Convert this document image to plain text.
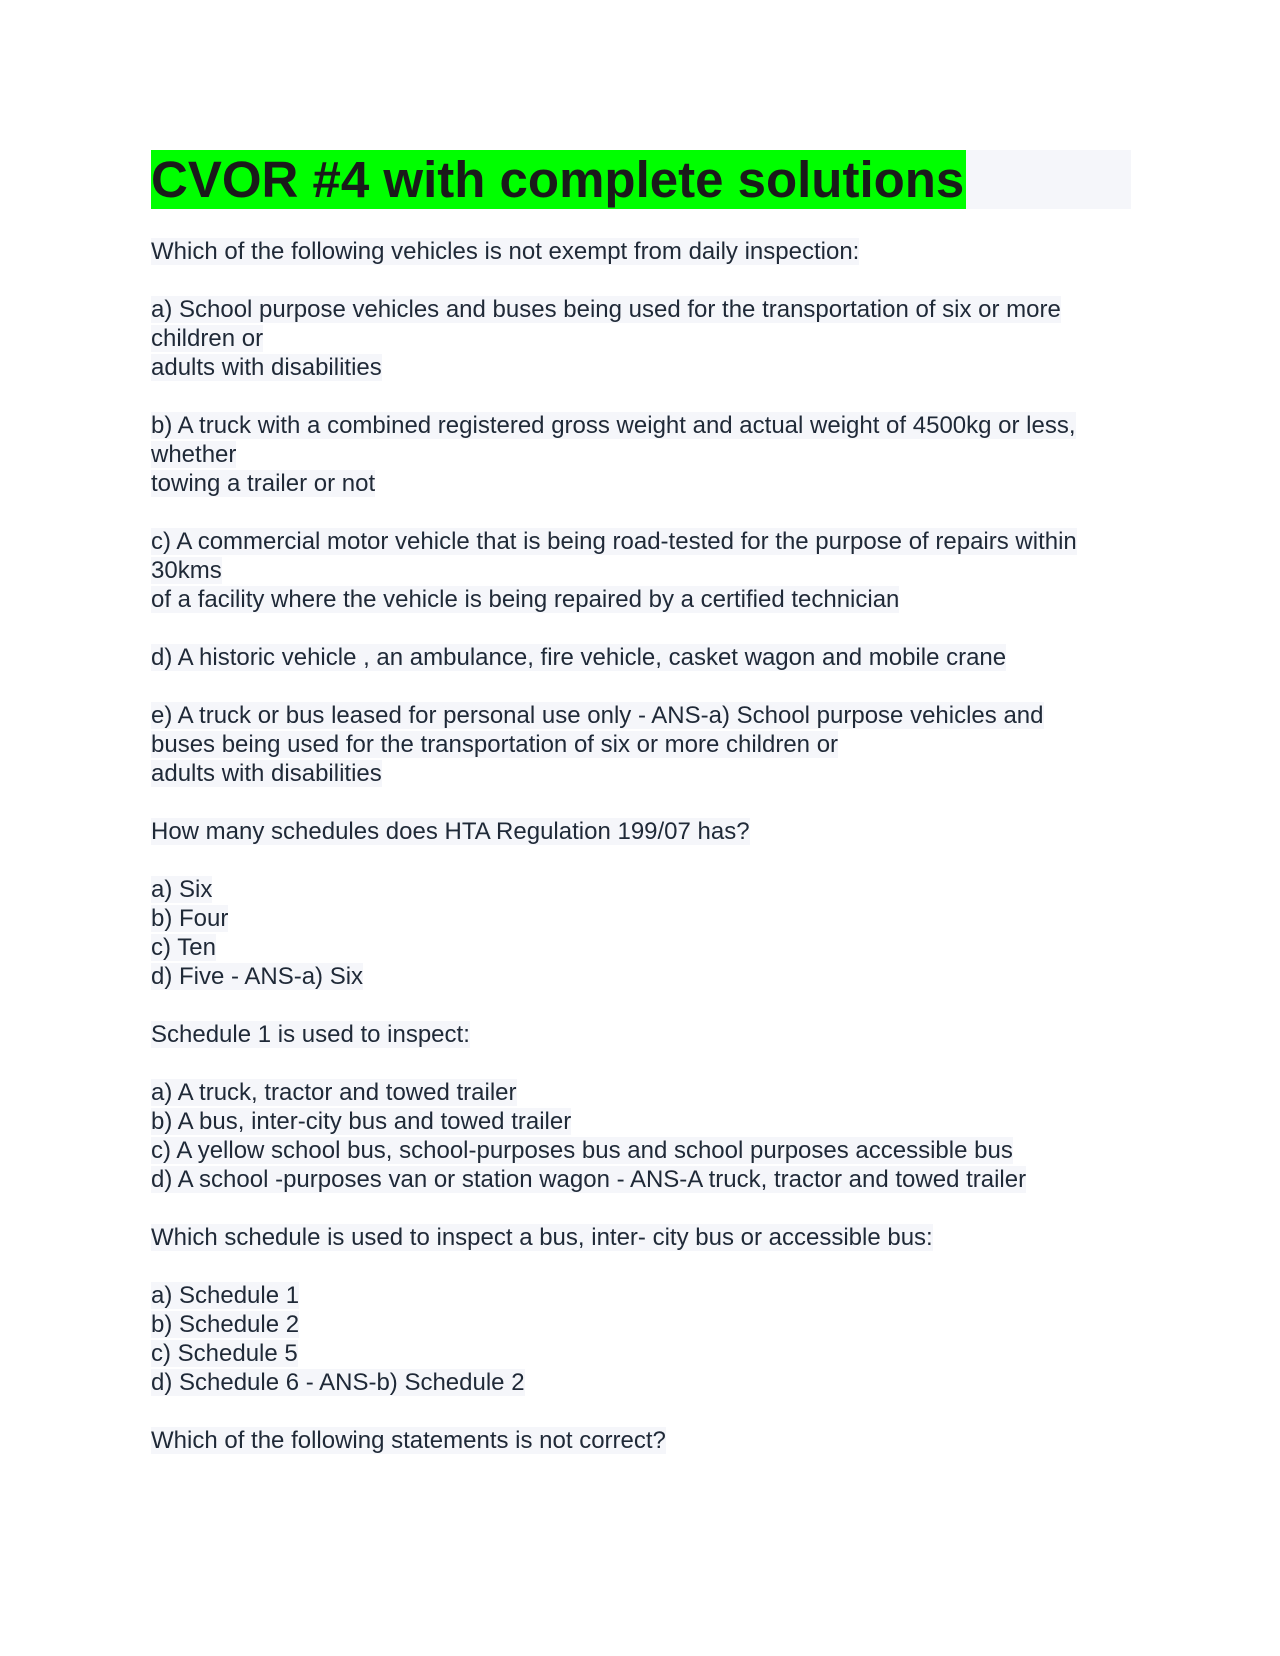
CVOR #4 with complete solutions
Which of the following vehicles is not exempt from daily inspection:
a) School purpose vehicles and buses being used for the transportation of six or more
children or
adults with disabilities
b) A truck with a combined registered gross weight and actual weight of 4500kg or less,
whether
towing a trailer or not
c) A commercial motor vehicle that is being road-tested for the purpose of repairs within
30kms
of a facility where the vehicle is being repaired by a certified technician
d) A historic vehicle , an ambulance, fire vehicle, casket wagon and mobile crane
e) A truck or bus leased for personal use only - ANS-a) School purpose vehicles and
buses being used for the transportation of six or more children or
adults with disabilities
How many schedules does HTA Regulation 199/07 has?
a) Six
b) Four
c) Ten
d) Five - ANS-a) Six
Schedule 1 is used to inspect:
a) A truck, tractor and towed trailer
b) A bus, inter-city bus and towed trailer
c) A yellow school bus, school-purposes bus and school purposes accessible bus
d) A school -purposes van or station wagon - ANS-A truck, tractor and towed trailer
Which schedule is used to inspect a bus, inter- city bus or accessible bus:
a) Schedule 1
b) Schedule 2
c) Schedule 5
d) Schedule 6 - ANS-b) Schedule 2
Which of the following statements is not correct?
